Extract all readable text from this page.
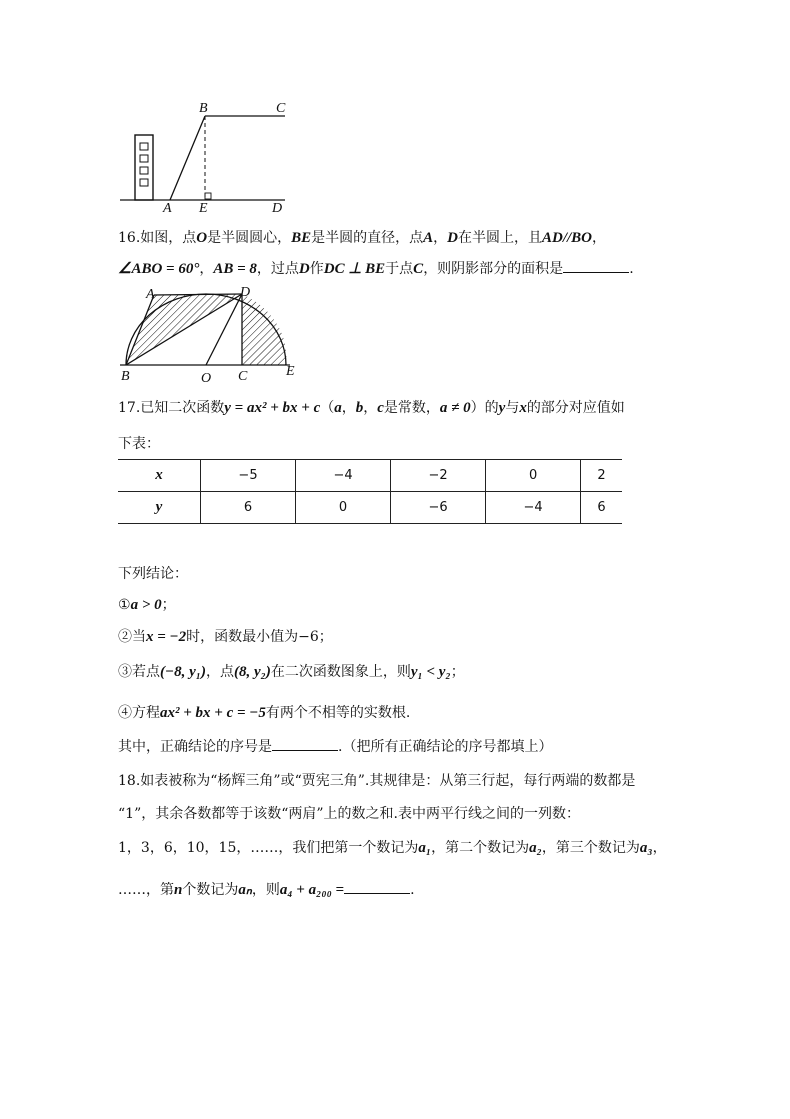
B	C
A E	D
16.如图，点O是半圆圆心，BE是半圆的直径，点A，D在半圆上，且AD//BO，
∠ABO = 60°，AB = 8，过点D作DC ⊥ BE于点C，则阴影部分的面积是	.
A	D
B	O C	E
17.已知二次函数y = ax² + bx + c（a，b，c是常数，a ≠ 0）的y与x的部分对应值如
下表：
x	−5	−4	−2	0	2
y	6	0	−6	−4	6
下列结论：
①a > 0；
②当x = −2时，函数最小值为−6；
③若点(−8, y₁)，点(8, y₂)在二次函数图象上，则y₁ < y₂；
④方程ax² + bx + c = −5有两个不相等的实数根.
其中，正确结论的序号是	.（把所有正确结论的序号都填上）
18.如表被称为“杨辉三角”或“贾宪三角”.其规律是：从第三行起，每行两端的数都是
“1”，其余各数都等于该数“两肩”上的数之和.表中两平行线之间的一列数：
1，3，6，10，15，……，我们把第一个数记为a₁，第二个数记为a₂，第三个数记为a₃，
……，第n个数记为aₙ，则a₄ + a₂₀₀ =	.
